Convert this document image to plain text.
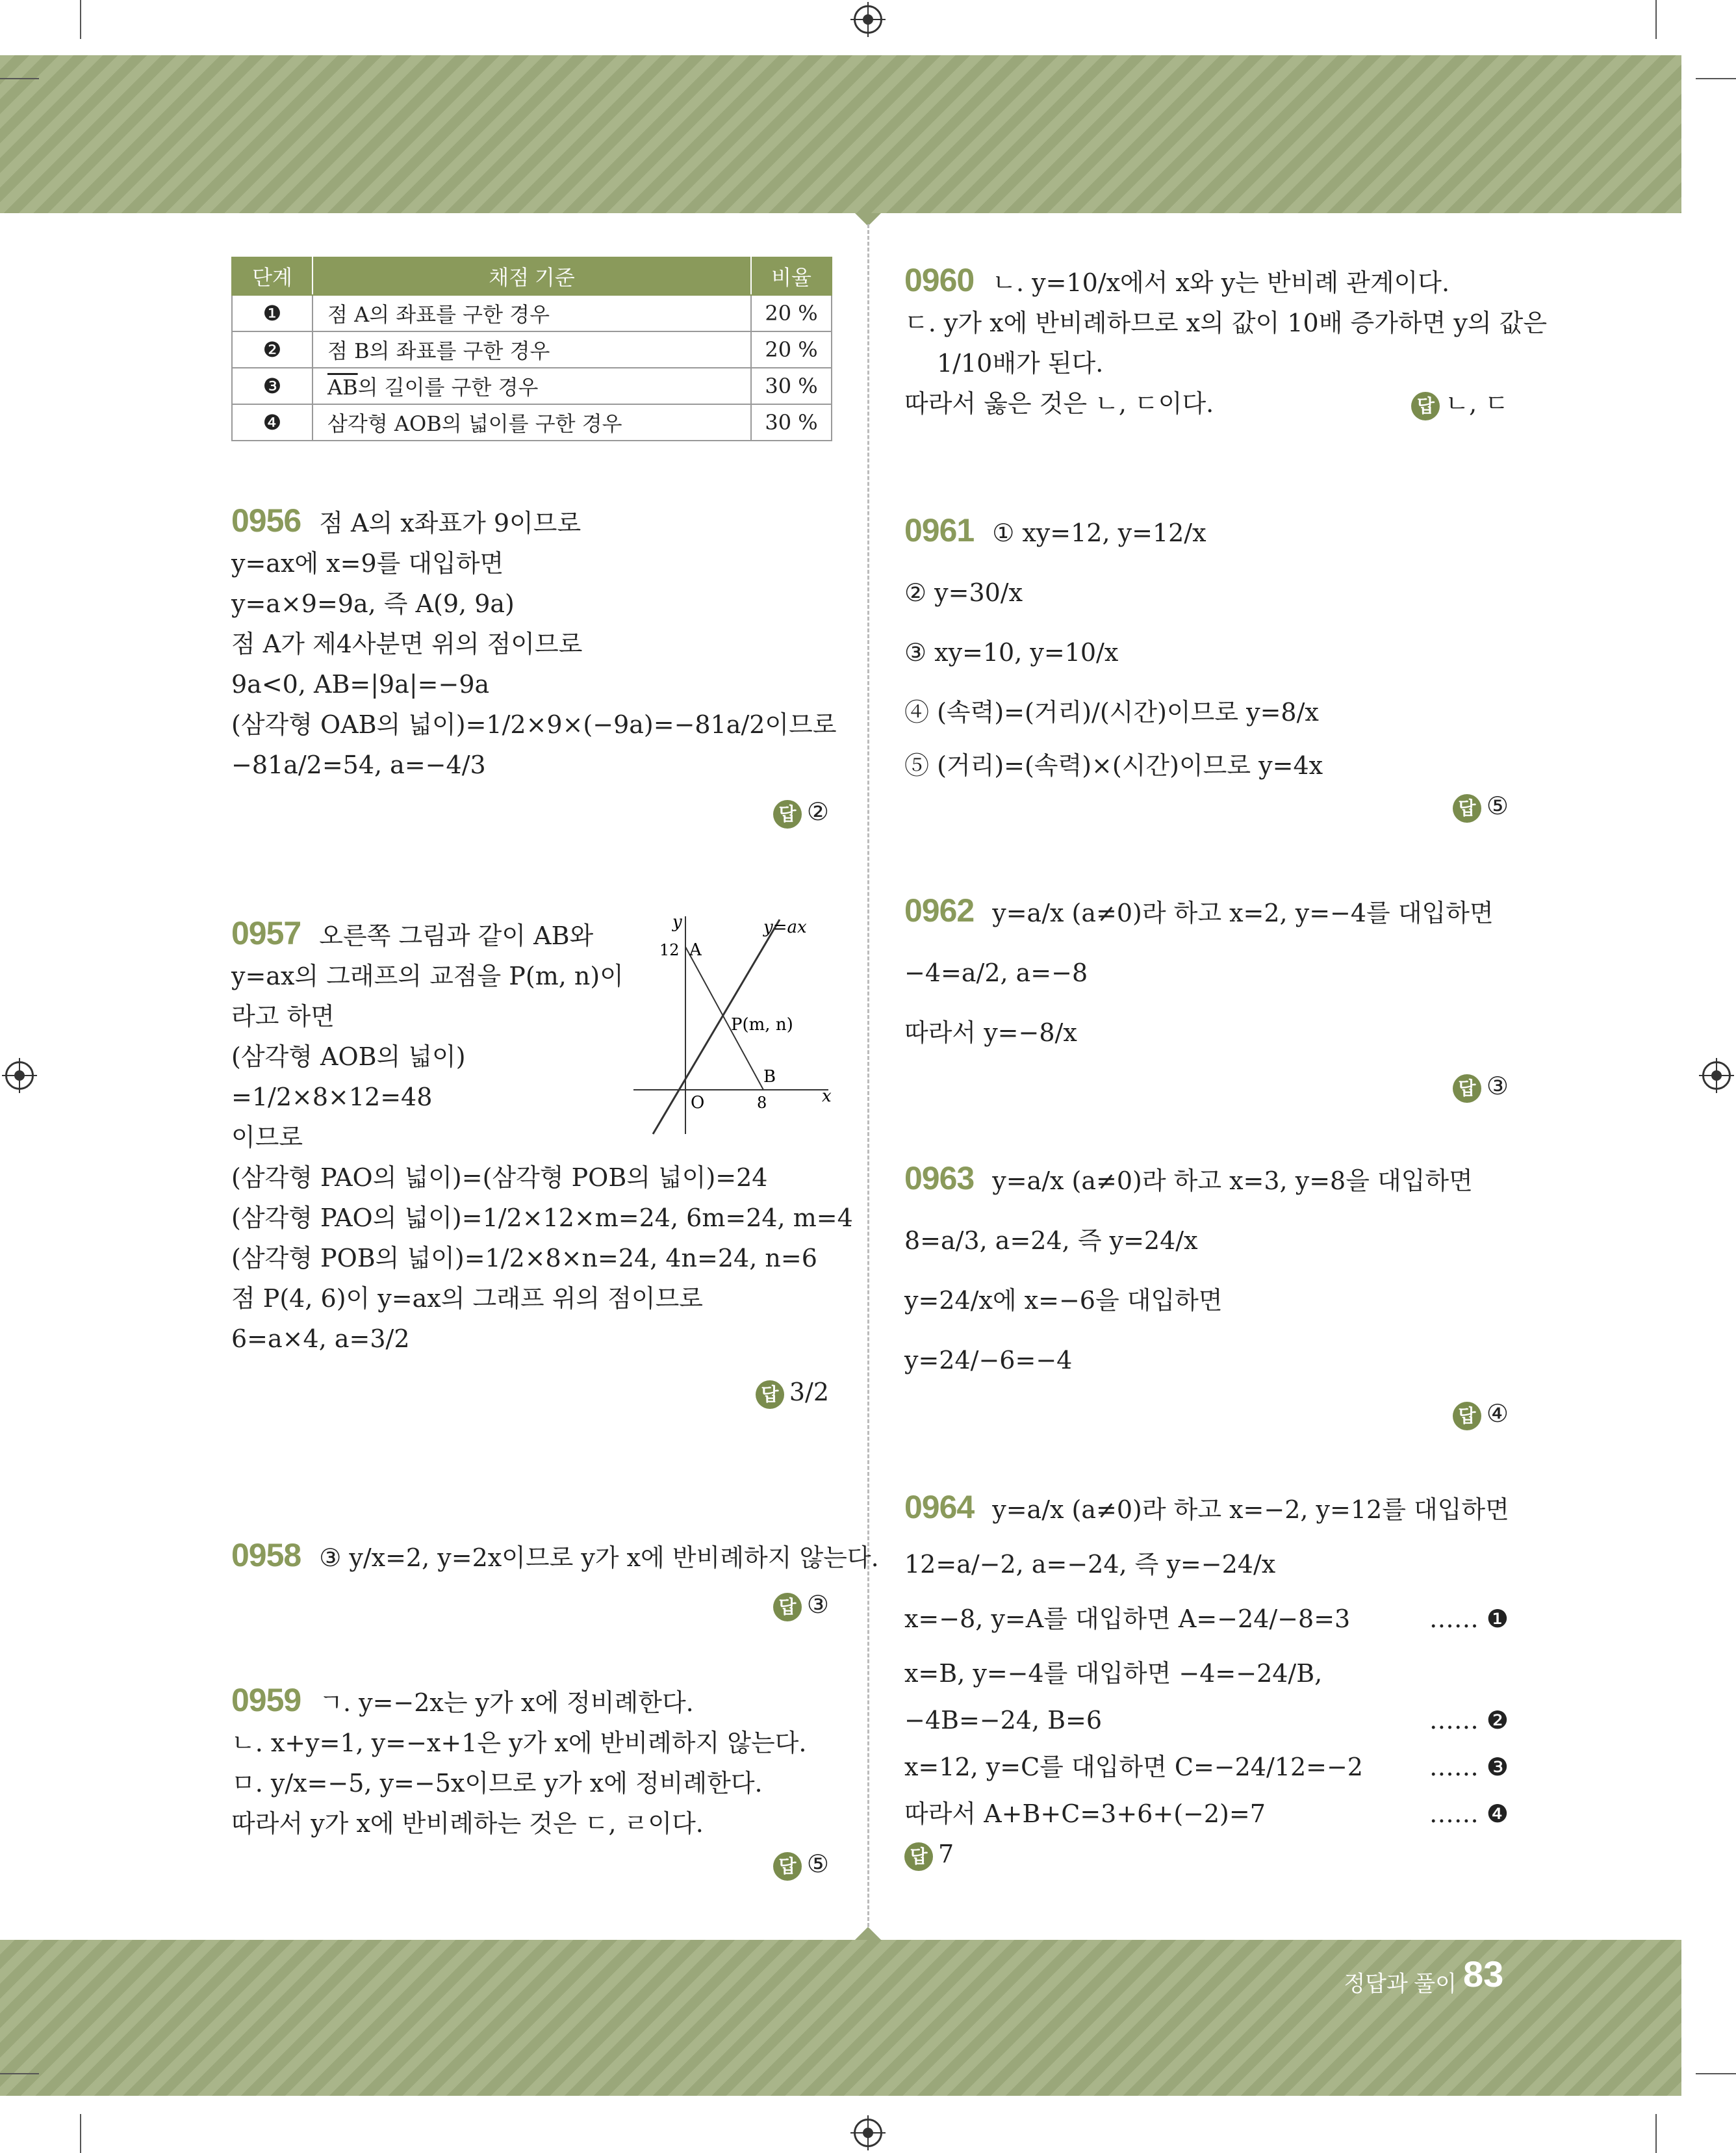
단계	채점 기준	비율
❶	점 A의 좌표를 구한 경우	20 %
❷	점 B의 좌표를 구한 경우	20 %
❸	$\overline{AB}$의 길이를 구한 경우	30 %
❹	삼각형 AOB의 넓이를 구한 경우	30 %
0956 점 A의 x좌표가 9이므로
y=ax에 x=9를 대입하면
y=a×9=9a, 즉 A(9, 9a)
점 A가 제4사분면 위의 점이므로
9a<0, AB=|9a|=−9a
(삼각형 OAB의 넓이)=1/2×9×(−9a)=−81a/2이므로
−81a/2=54, a=−4/3
답 ②
0957 오른쪽 그림과 같이 AB와
y=ax의 그래프의 교점을 P(m, n)이
라고 하면
(삼각형 AOB의 넓이)
=1/2×8×12=48
이므로
(삼각형 PAO의 넓이)=(삼각형 POB의 넓이)=24
(삼각형 PAO의 넓이)=1/2×12×m=24, 6m=24, m=4
(삼각형 POB의 넓이)=1/2×8×n=24, 4n=24, n=6
점 P(4, 6)이 y=ax의 그래프 위의 점이므로
6=a×4, a=3/2
답 3/2
y
x
y=ax
A
12
P(m, n)
B
8
O
0958 ③ y/x=2, y=2x이므로 y가 x에 반비례하지 않는다.
답 ③
0959 ㄱ. y=−2x는 y가 x에 정비례한다.
ㄴ. x+y=1, y=−x+1은 y가 x에 반비례하지 않는다.
ㅁ. y/x=−5, y=−5x이므로 y가 x에 정비례한다.
따라서 y가 x에 반비례하는 것은 ㄷ, ㄹ이다.
답 ⑤
0960 ㄴ. y=10/x에서 x와 y는 반비례 관계이다.
ㄷ. y가 x에 반비례하므로 x의 값이 10배 증가하면 y의 값은
1/10배가 된다.
따라서 옳은 것은 ㄴ, ㄷ이다.	답 ㄴ, ㄷ
0961 ① xy=12, y=12/x
② y=30/x
③ xy=10, y=10/x
④ (속력)=(거리)/(시간)이므로 y=8/x
⑤ (거리)=(속력)×(시간)이므로 y=4x
답 ⑤
0962 y=a/x (a≠0)라 하고 x=2, y=−4를 대입하면
−4=a/2, a=−8
따라서 y=−8/x
답 ③
0963 y=a/x (a≠0)라 하고 x=3, y=8을 대입하면
8=a/3, a=24, 즉 y=24/x
y=24/x에 x=−6을 대입하면
y=24/−6=−4
답 ④
0964 y=a/x (a≠0)라 하고 x=−2, y=12를 대입하면
12=a/−2, a=−24, 즉 y=−24/x
x=−8, y=A를 대입하면 A=−24/−8=3	…… ❶
x=B, y=−4를 대입하면 −4=−24/B,
−4B=−24, B=6	…… ❷
x=12, y=C를 대입하면 C=−24/12=−2	…… ❸
따라서 A+B+C=3+6+(−2)=7	…… ❹
답 7
정답과 풀이 83
